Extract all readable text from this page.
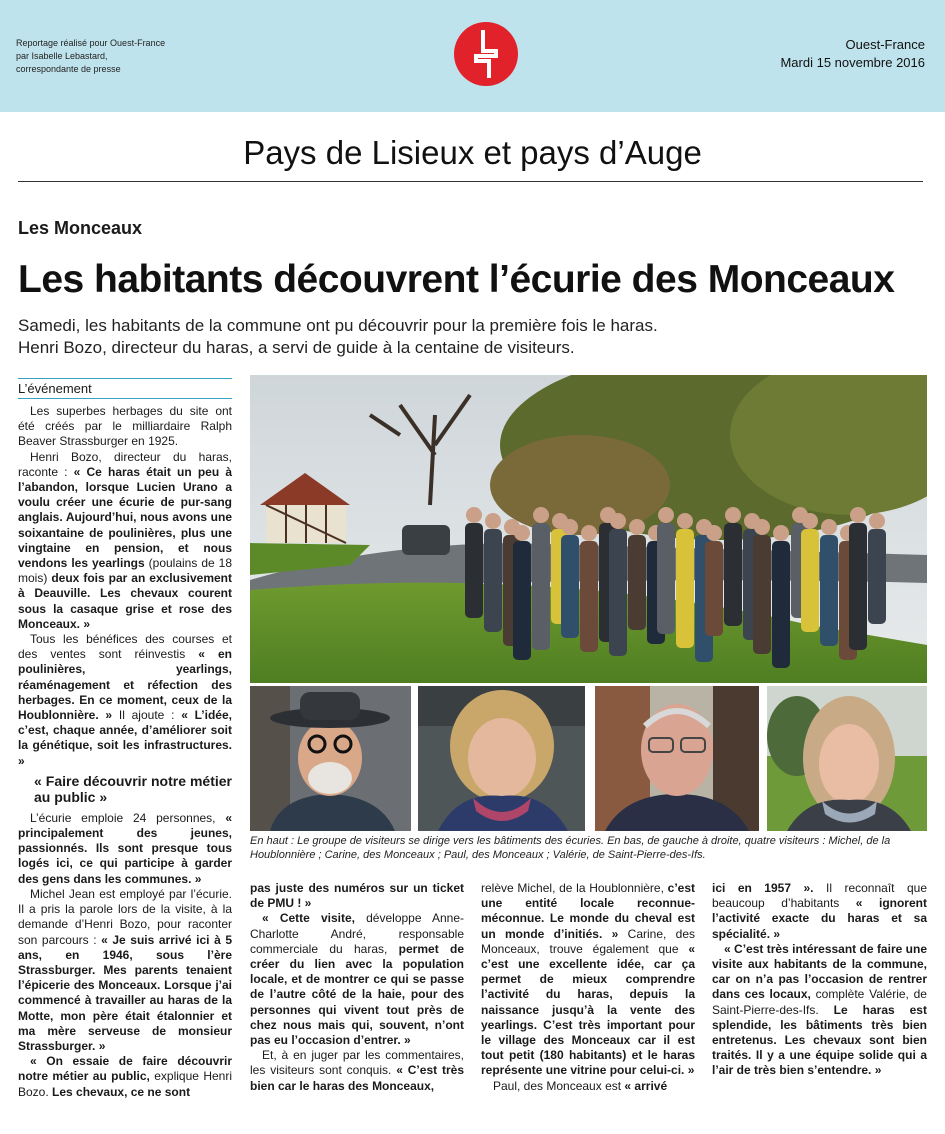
Reportage réalisé pour Ouest-France
par Isabelle Lebastard,
correspondante de presse
Ouest-France
Mardi 15 novembre 2016
Pays de Lisieux et pays d’Auge
Les Monceaux
Les habitants découvrent l’écurie des Monceaux
Samedi, les habitants de la commune ont pu découvrir pour la première fois le haras.
Henri Bozo, directeur du haras, a servi de guide à la centaine de visiteurs.
L’événement

Les superbes herbages du site ont été créés par le milliardaire Ralph Beaver Strassburger en 1925.

Henri Bozo, directeur du haras, raconte : « Ce haras était un peu à l’abandon, lorsque Lucien Urano a voulu créer une écurie de pur-sang anglais. Aujourd’hui, nous avons une soixantaine de poulinières, plus une vingtaine en pension, et nous vendons les yearlings (poulains de 18 mois) deux fois par an exclusivement à Deauville. Les chevaux courent sous la casaque grise et rose des Monceaux. »

Tous les bénéfices des courses et des ventes sont réinvestis « en poulinières, yearlings, réaménagement et réfection des herbages. En ce moment, ceux de la Houblonnière. » Il ajoute : « L’idée, c’est, chaque année, d’améliorer soit la génétique, soit les infrastructures. »

« Faire découvrir notre métier au public »

L’écurie emploie 24 personnes, « principalement des jeunes, passionnés. Ils sont presque tous logés ici, ce qui participe à garder des gens dans les communes. »

Michel Jean est employé par l’écurie. Il a pris la parole lors de la visite, à la demande d’Henri Bozo, pour raconter son parcours : « Je suis arrivé ici à 5 ans, en 1946, sous l’ère Strassburger. Mes parents tenaient l’épicerie des Monceaux. Lorsque j’ai commencé à travailler au haras de la Motte, mon père était étalonnier et ma mère serveuse de monsieur Strassburger. »

« On essaie de faire découvrir notre métier au public, explique Henri Bozo. Les chevaux, ce ne sont

En haut : Le groupe de visiteurs se dirige vers les bâtiments des écuries. En bas, de gauche à droite, quatre visiteurs : Michel, de la Houblonnière ; Carine, des Monceaux ; Paul, des Monceaux ; Valérie, de Saint-Pierre-des-Ifs.

pas juste des numéros sur un ticket de PMU ! »

« Cette visite, développe Anne-Charlotte André, responsable commerciale du haras, permet de créer du lien avec la population locale, et de montrer ce qui se passe de l’autre côté de la haie, pour des personnes qui vivent tout près de chez nous mais qui, souvent, n’ont pas eu l’occasion d’entrer. »

Et, à en juger par les commentaires, les visiteurs sont conquis. « C’est très bien car le haras des Monceaux,

relève Michel, de la Houblonnière, c’est une entité locale reconnue-méconnue. Le monde du cheval est un monde d’initiés. » Carine, des Monceaux, trouve également que « c’est une excellente idée, car ça permet de mieux comprendre l’activité du haras, depuis la naissance jusqu’à la vente des yearlings. C’est très important pour le village des Monceaux car il est tout petit (180 habitants) et le haras représente une vitrine pour celui-ci. »

Paul, des Monceaux est « arrivé

ici en 1957 ». Il reconnaît que beaucoup d’habitants « ignorent l’activité exacte du haras et sa spécialité. »

« C’est très intéressant de faire une visite aux habitants de la commune, car on n’a pas l’occasion de rentrer dans ces locaux, complète Valérie, de Saint-Pierre-des-Ifs. Le haras est splendide, les bâtiments très bien entretenus. Les chevaux sont bien traités. Il y a une équipe solide qui a l’air de très bien s’entendre. »
